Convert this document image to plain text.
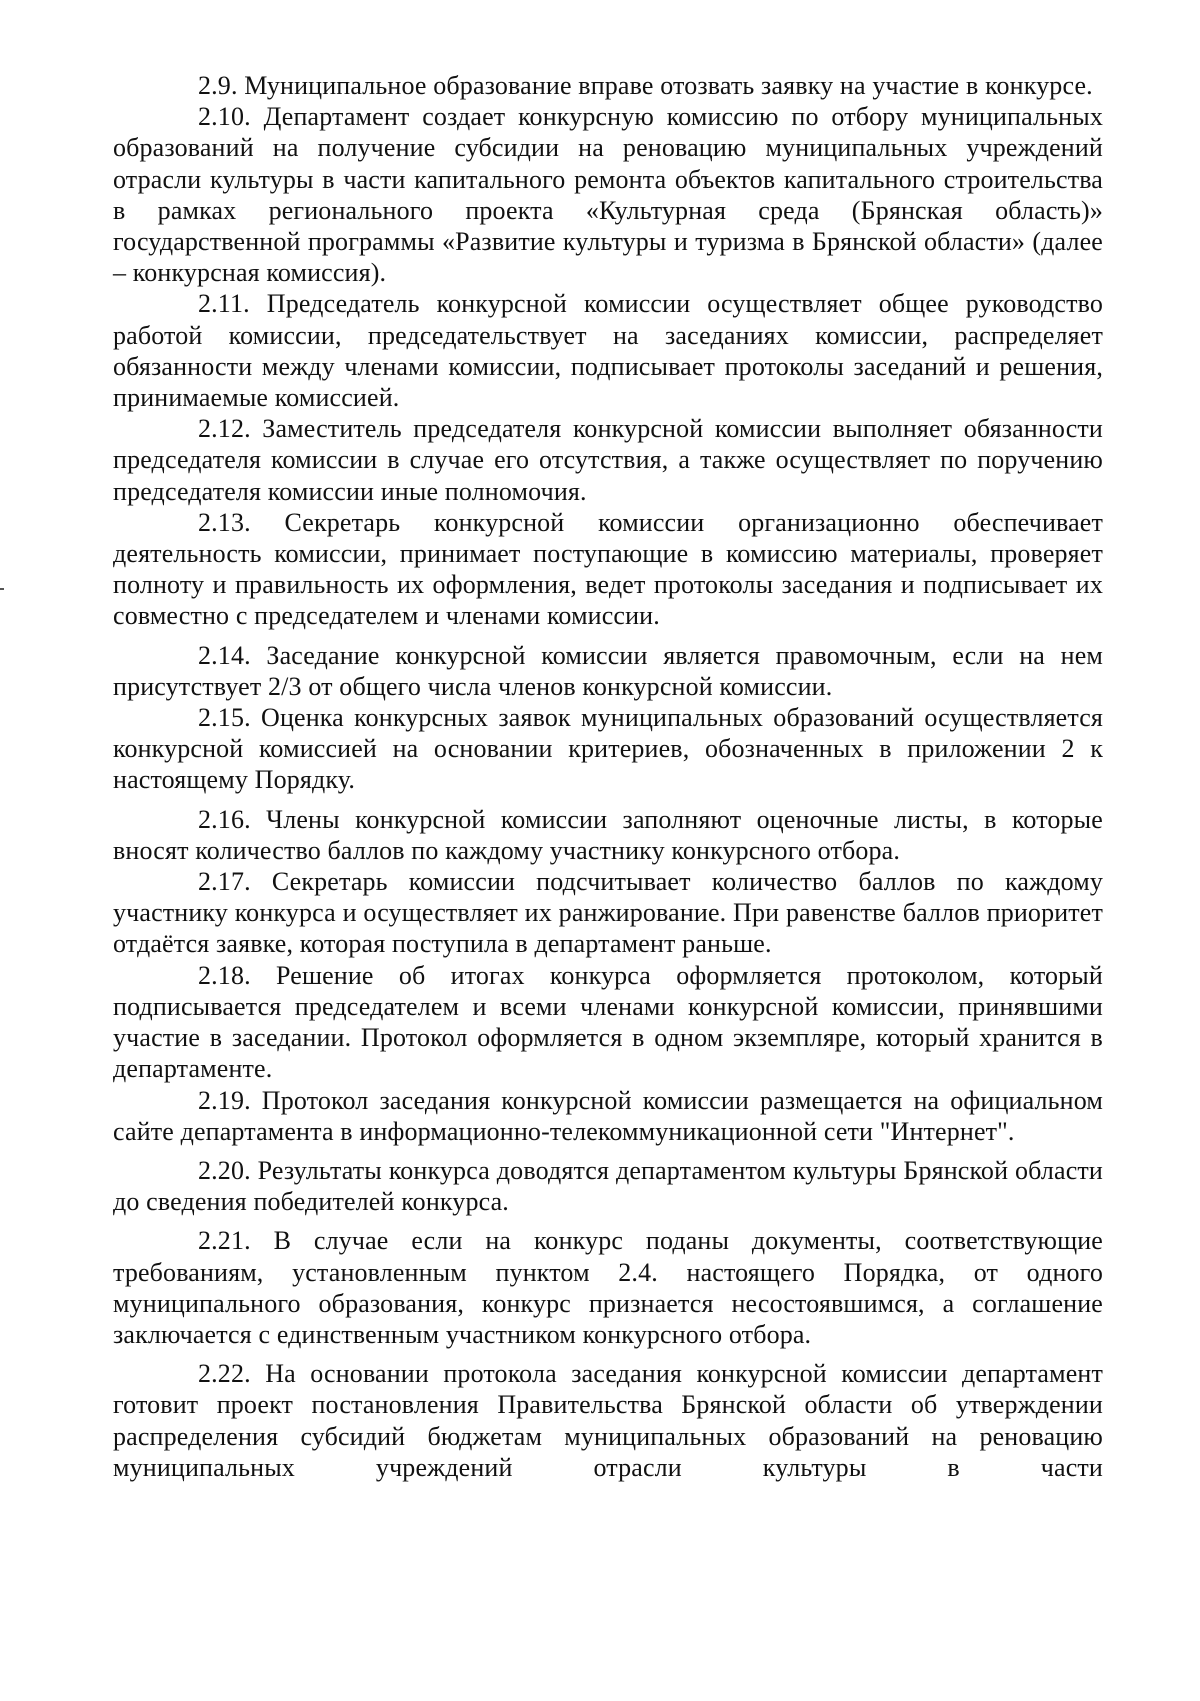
2.9. Муниципальное образование вправе отозвать заявку на участие в конкурсе.

2.10. Департамент создает конкурсную комиссию по отбору муниципальных образований на получение субсидии на реновацию муниципальных учреждений отрасли культуры в части капитального ремонта объектов капитального строительства в рамках регионального проекта «Культурная среда (Брянская область)» государственной программы «Развитие культуры и туризма в Брянской области» (далее – конкурсная комиссия).

2.11. Председатель конкурсной комиссии осуществляет общее руководство работой комиссии, председательствует на заседаниях комиссии, распределяет обязанности между членами комиссии, подписывает протоколы заседаний и решения, принимаемые комиссией.

2.12. Заместитель председателя конкурсной комиссии выполняет обязанности председателя комиссии в случае его отсутствия, а также осуществляет по поручению председателя комиссии иные полномочия.

2.13. Секретарь конкурсной комиссии организационно обеспечивает деятельность комиссии, принимает поступающие в комиссию материалы, проверяет полноту и правильность их оформления, ведет протоколы заседания и подписывает их совместно с председателем и членами комиссии.

2.14. Заседание конкурсной комиссии является правомочным, если на нем присутствует 2/3 от общего числа членов конкурсной комиссии.

2.15. Оценка конкурсных заявок муниципальных образований осуществляется конкурсной комиссией на основании критериев, обозначенных в приложении 2 к настоящему Порядку.

2.16. Члены конкурсной комиссии заполняют оценочные листы, в которые вносят количество баллов по каждому участнику конкурсного отбора.

2.17. Секретарь комиссии подсчитывает количество баллов по каждому участнику конкурса и осуществляет их ранжирование. При равенстве баллов приоритет отдаётся заявке, которая поступила в департамент раньше.

2.18. Решение об итогах конкурса оформляется протоколом, который подписывается председателем и всеми членами конкурсной комиссии, принявшими участие в заседании. Протокол оформляется в одном экземпляре, который хранится в департаменте.

2.19. Протокол заседания конкурсной комиссии размещается на официальном сайте департамента в информационно-телекоммуникационной сети "Интернет".

2.20. Результаты конкурса доводятся департаментом культуры Брянской области до сведения победителей конкурса.

2.21. В случае если на конкурс поданы документы, соответствующие требованиям, установленным пунктом 2.4. настоящего Порядка, от одного муниципального образования, конкурс признается несостоявшимся, а соглашение заключается с единственным участником конкурсного отбора.

2.22. На основании протокола заседания конкурсной комиссии департамент готовит проект постановления Правительства Брянской области об утверждении распределения субсидий бюджетам муниципальных образований на реновацию муниципальных учреждений отрасли культуры в части
